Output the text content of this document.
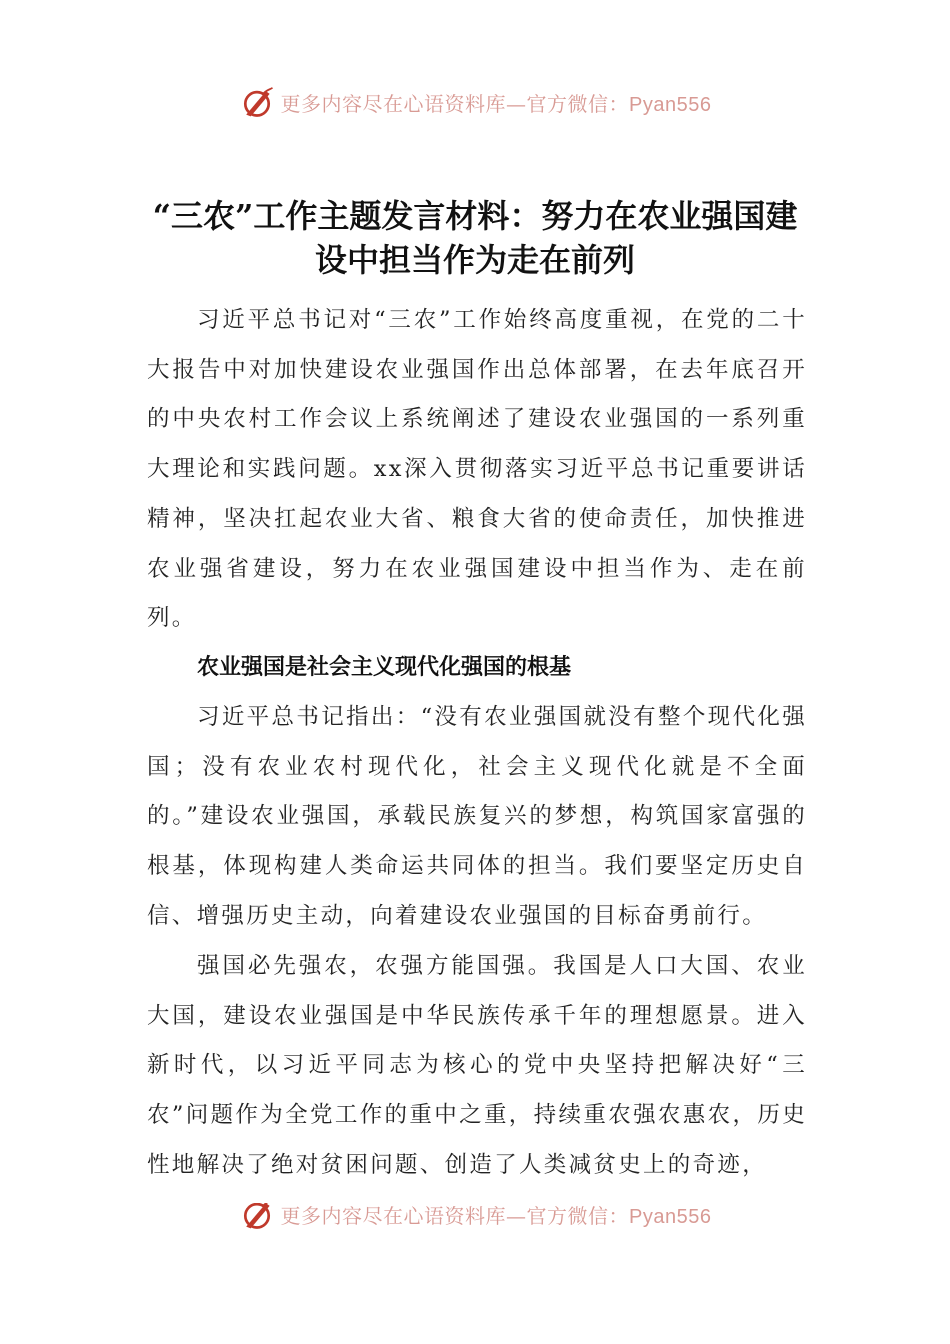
更多内容尽在心语资料库—官方微信：Pyan556
“三农”工作主题发言材料：努力在农业强国建设中担当作为走在前列

习近平总书记对“三农”工作始终高度重视，在党的二十大报告中对加快建设农业强国作出总体部署，在去年底召开的中央农村工作会议上系统阐述了建设农业强国的一系列重大理论和实践问题。xx深入贯彻落实习近平总书记重要讲话精神，坚决扛起农业大省、粮食大省的使命责任，加快推进农业强省建设，努力在农业强国建设中担当作为、走在前列。

农业强国是社会主义现代化强国的根基

习近平总书记指出：“没有农业强国就没有整个现代化强国；没有农业农村现代化，社会主义现代化就是不全面的。”建设农业强国，承载民族复兴的梦想，构筑国家富强的根基，体现构建人类命运共同体的担当。我们要坚定历史自信、增强历史主动，向着建设农业强国的目标奋勇前行。

强国必先强农，农强方能国强。我国是人口大国、农业大国，建设农业强国是中华民族传承千年的理想愿景。进入新时代，以习近平同志为核心的党中央坚持把解决好“三农”问题作为全党工作的重中之重，持续重农强农惠农，历史性地解决了绝对贫困问题、创造了人类减贫史上的奇迹，

更多内容尽在心语资料库—官方微信：Pyan556
